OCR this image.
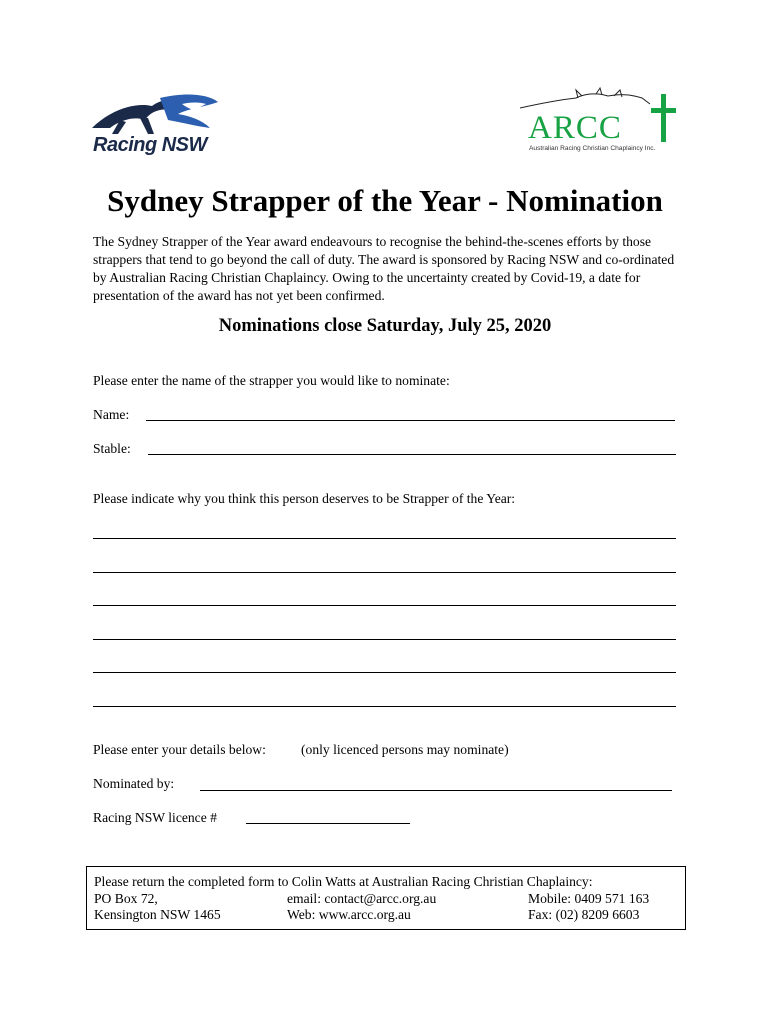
Racing NSW	ARCC
Australian Racing Christian Chaplaincy Inc.
Sydney Strapper of the Year - Nomination
The Sydney Strapper of the Year award endeavours to recognise the behind-the-scenes efforts by those strappers that tend to go beyond the call of duty. The award is sponsored by Racing NSW and co-ordinated by Australian Racing Christian Chaplaincy. Owing to the uncertainty created by Covid-19, a date for presentation of the award has not yet been confirmed.
Nominations close Saturday, July 25, 2020
Please enter the name of the strapper you would like to nominate:
Name:
Stable:
Please indicate why you think this person deserves to be Strapper of the Year:
Please enter your details below:	(only licenced persons may nominate)
Nominated by:
Racing NSW licence #
Please return the completed form to Colin Watts at Australian Racing Christian Chaplaincy:
PO Box 72,
Kensington NSW 1465
email: contact@arcc.org.au
Web: www.arcc.org.au
Mobile: 0409 571 163
Fax: (02) 8209 6603
